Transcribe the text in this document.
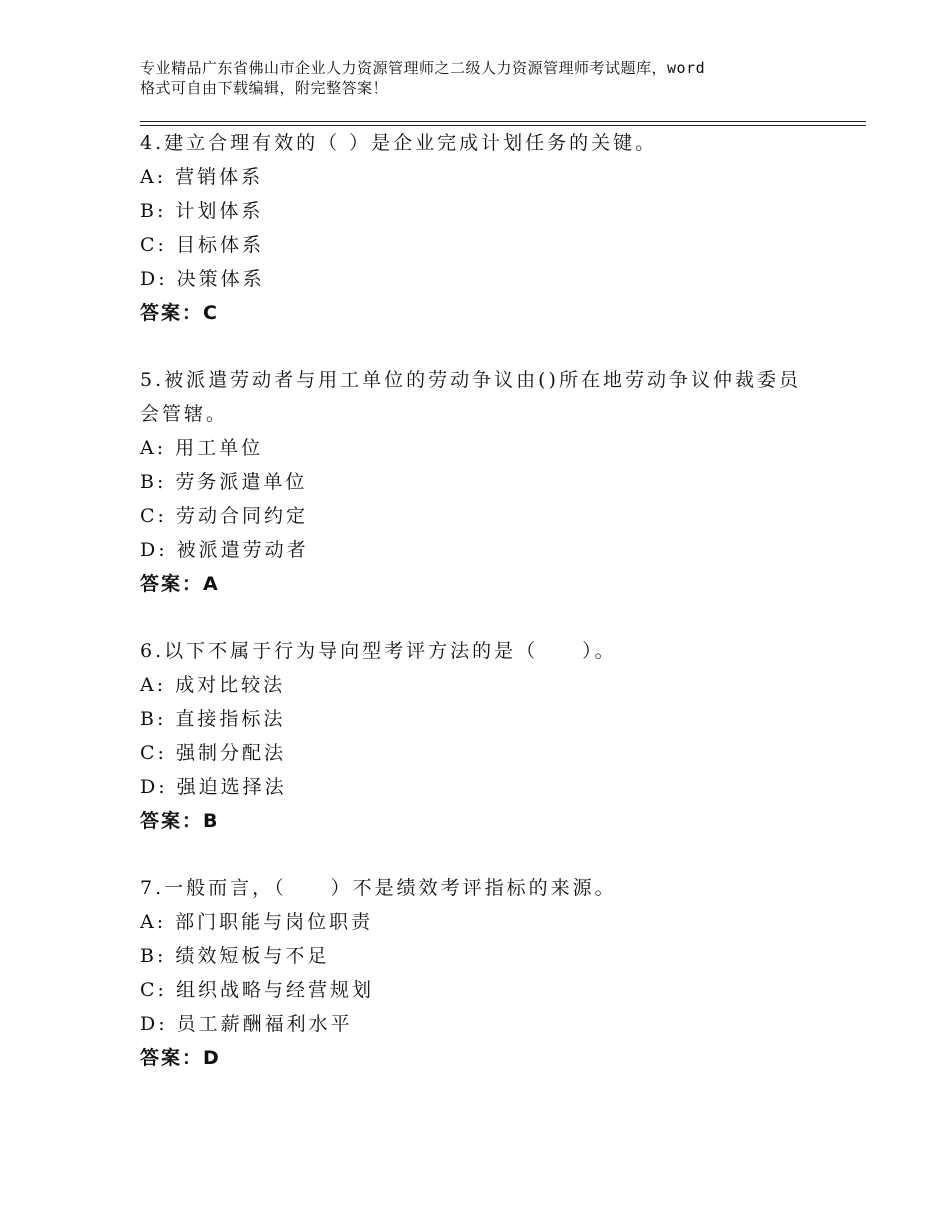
专业精品广东省佛山市企业人力资源管理师之二级人力资源管理师考试题库，word
格式可自由下载编辑，附完整答案！
4.建立合理有效的（ ）是企业完成计划任务的关键。
A: 营销体系
B: 计划体系
C: 目标体系
D: 决策体系
答案：C
5.被派遣劳动者与用工单位的劳动争议由()所在地劳动争议仲裁委员会管辖。
A: 用工单位
B: 劳务派遣单位
C: 劳动合同约定
D: 被派遣劳动者
答案：A
6.以下不属于行为导向型考评方法的是（　　）。
A: 成对比较法
B: 直接指标法
C: 强制分配法
D: 强迫选择法
答案：B
7.一般而言，（　　）不是绩效考评指标的来源。
A: 部门职能与岗位职责
B: 绩效短板与不足
C: 组织战略与经营规划
D: 员工薪酬福利水平
答案：D
